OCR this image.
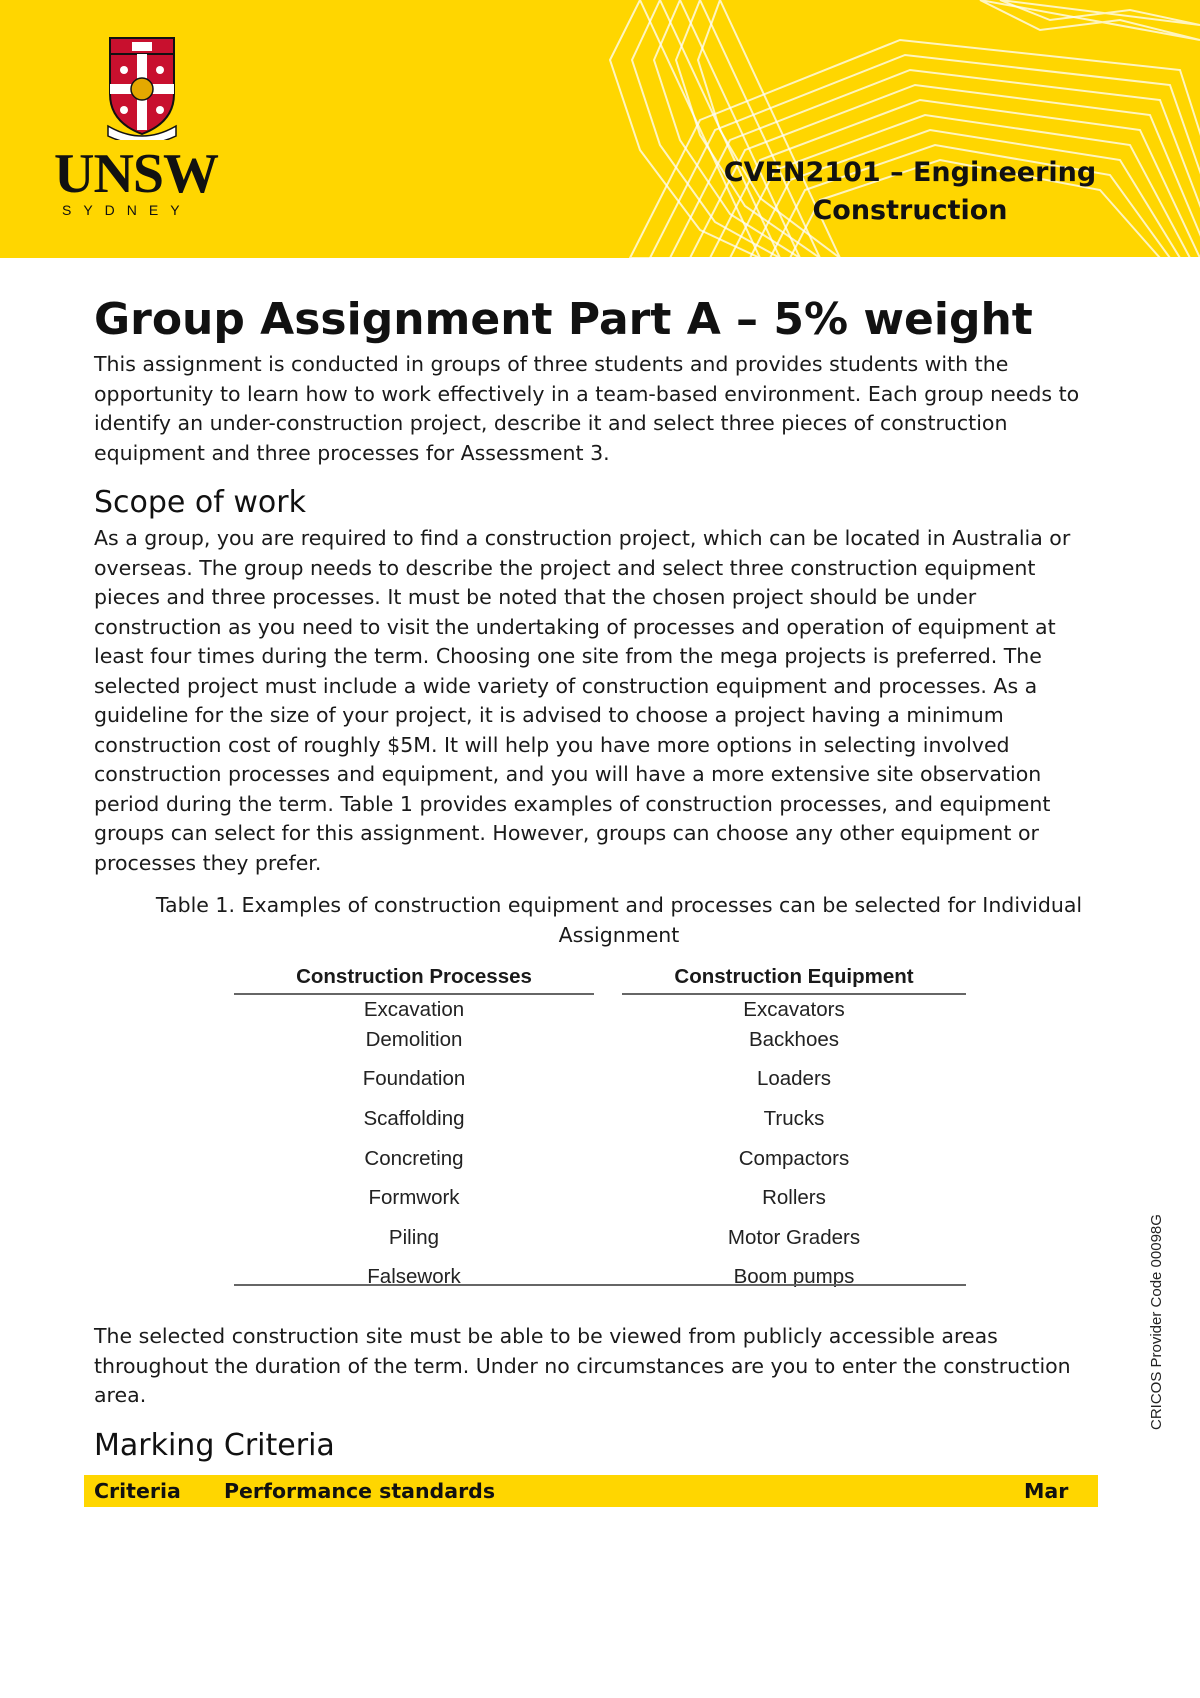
UNSW
SYDNEY
CVEN2101 – Engineering
Construction
Group Assignment Part A – 5% weight

This assignment is conducted in groups of three students and provides students with the opportunity to learn how to work effectively in a team-based environment. Each group needs to identify an under-construction project, describe it and select three pieces of construction equipment and three processes for Assessment 3.

Scope of work

As a group, you are required to find a construction project, which can be located in Australia or overseas. The group needs to describe the project and select three construction equipment pieces and three processes. It must be noted that the chosen project should be under construction as you need to visit the undertaking of processes and operation of equipment at least four times during the term. Choosing one site from the mega projects is preferred. The selected project must include a wide variety of construction equipment and processes. As a guideline for the size of your project, it is advised to choose a project having a minimum construction cost of roughly $5M. It will help you have more options in selecting involved construction processes and equipment, and you will have a more extensive site observation period during the term. Table 1 provides examples of construction processes, and equipment groups can select for this assignment. However, groups can choose any other equipment or processes they prefer.

Table 1. Examples of construction equipment and processes can be selected for Individual Assignment
Construction Processes
Excavation
Demolition
Foundation
Scaffolding
Concreting
Formwork
Piling
Falsework
Construction Equipment
Excavators
Backhoes
Loaders
Trucks
Compactors
Rollers
Motor Graders
Boom pumps

The selected construction site must be able to be viewed from publicly accessible areas throughout the duration of the term. Under no circumstances are you to enter the construction area.

Marking Criteria
Criteria Performance standards	Mar
CRICOS Provider Code 00098G
